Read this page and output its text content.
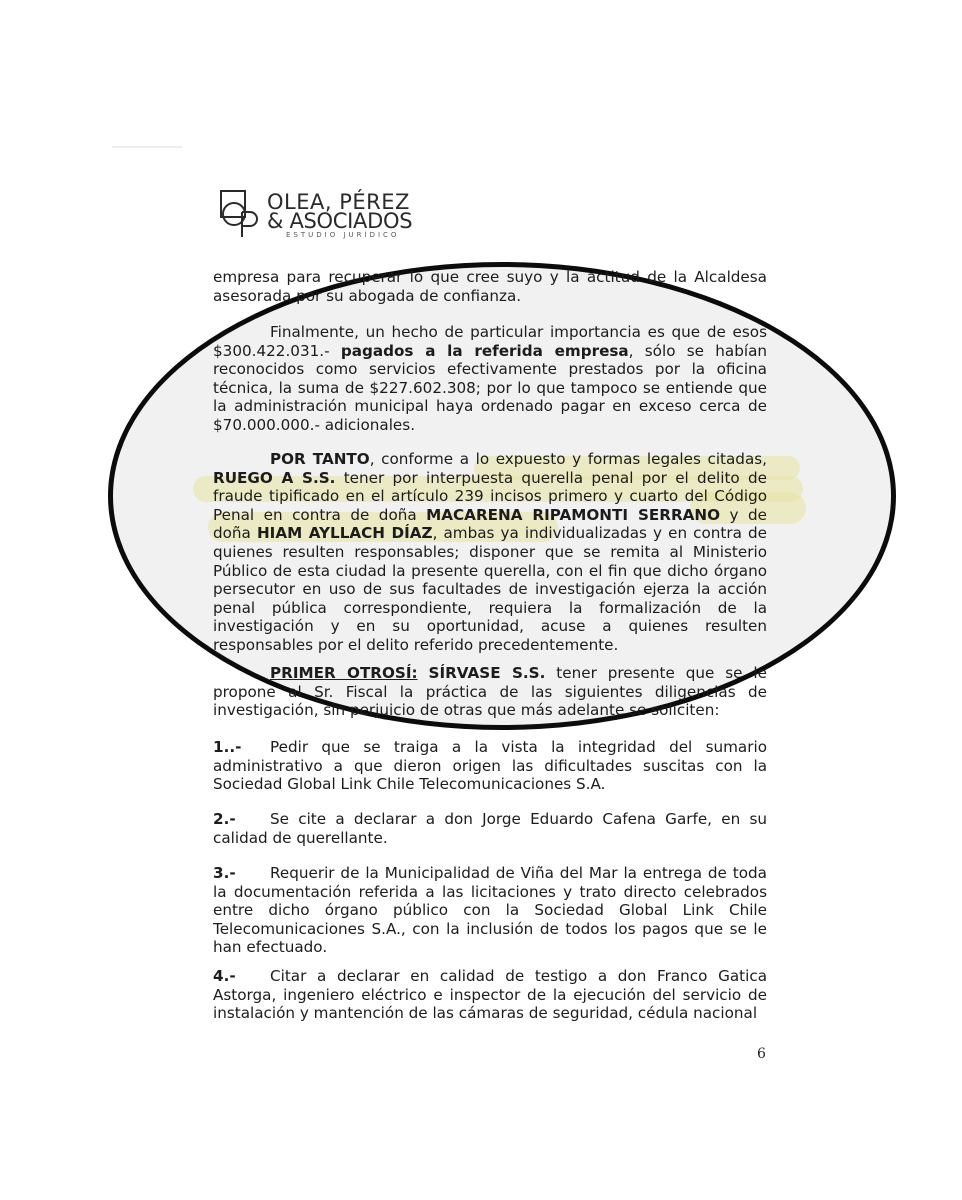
OLEA, PÉREZ
& ASOCIADOS
ESTUDIO JURÍDICO
empresa para recuperar lo que cree suyo y la actitud de la Alcaldesa asesorada por su abogada de confianza.
Finalmente, un hecho de particular importancia es que de esos $300.422.031.- pagados a la referida empresa, sólo se habían reconocidos como servicios efectivamente prestados por la oficina técnica, la suma de $227.602.308; por lo que tampoco se entiende que la administración municipal haya ordenado pagar en exceso cerca de $70.000.000.- adicionales.
POR TANTO, conforme a lo expuesto y formas legales citadas, RUEGO A S.S. tener por interpuesta querella penal por el delito de fraude tipificado en el artículo 239 incisos primero y cuarto del Código Penal en contra de doña MACARENA RIPAMONTI SERRANO y de doña HIAM AYLLACH DÍAZ, ambas ya individualizadas y en contra de quienes resulten responsables; disponer que se remita al Ministerio Público de esta ciudad la presente querella, con el fin que dicho órgano persecutor en uso de sus facultades de investigación ejerza la acción penal pública correspondiente, requiera la formalización de la investigación y en su oportunidad, acuse a quienes resulten responsables por el delito referido precedentemente.
PRIMER OTROSÍ: SÍRVASE S.S. tener presente que se le propone al Sr. Fiscal la práctica de las siguientes diligencias de investigación, sin perjuicio de otras que más adelante se soliciten:
1..- Pedir que se traiga a la vista la integridad del sumario administrativo a que dieron origen las dificultades suscitas con la Sociedad Global Link Chile Telecomunicaciones S.A.
2.- Se cite a declarar a don Jorge Eduardo Cafena Garfe, en su calidad de querellante.
3.- Requerir de la Municipalidad de Viña del Mar la entrega de toda la documentación referida a las licitaciones y trato directo celebrados entre dicho órgano público con la Sociedad Global Link Chile Telecomunicaciones S.A., con la inclusión de todos los pagos que se le han efectuado.
4.- Citar a declarar en calidad de testigo a don Franco Gatica Astorga, ingeniero eléctrico e inspector de la ejecución del servicio de instalación y mantención de las cámaras de seguridad, cédula nacional
6
